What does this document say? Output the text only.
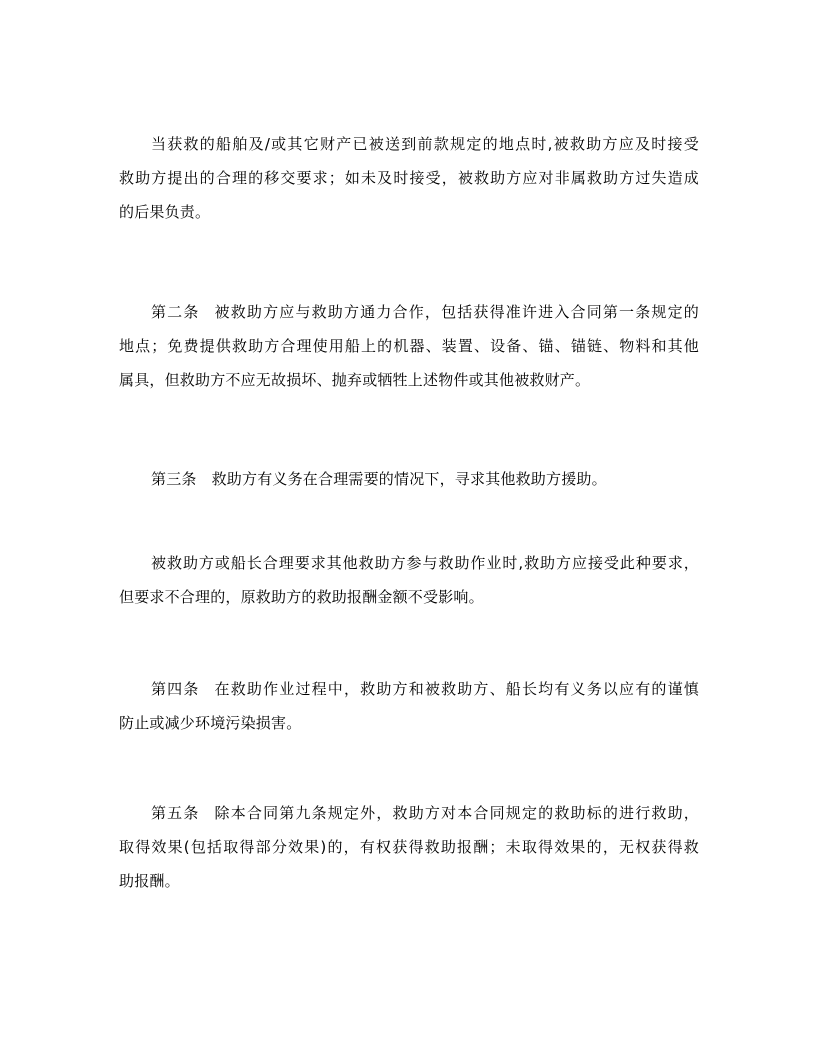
当获救的船舶及/或其它财产已被送到前款规定的地点时,被救助方应及时接受
救助方提出的合理的移交要求；如未及时接受，被救助方应对非属救助方过失造成
的后果负责。
第二条 被救助方应与救助方通力合作，包括获得准许进入合同第一条规定的
地点；免费提供救助方合理使用船上的机器、装置、设备、锚、锚链、物料和其他
属具，但救助方不应无故损坏、抛弃或牺牲上述物件或其他被救财产。
第三条 救助方有义务在合理需要的情况下，寻求其他救助方援助。
被救助方或船长合理要求其他救助方参与救助作业时,救助方应接受此种要求，
但要求不合理的，原救助方的救助报酬金额不受影响。
第四条 在救助作业过程中，救助方和被救助方、船长均有义务以应有的谨慎
防止或减少环境污染损害。
第五条 除本合同第九条规定外，救助方对本合同规定的救助标的进行救助，
取得效果(包括取得部分效果)的，有权获得救助报酬；未取得效果的，无权获得救
助报酬。
